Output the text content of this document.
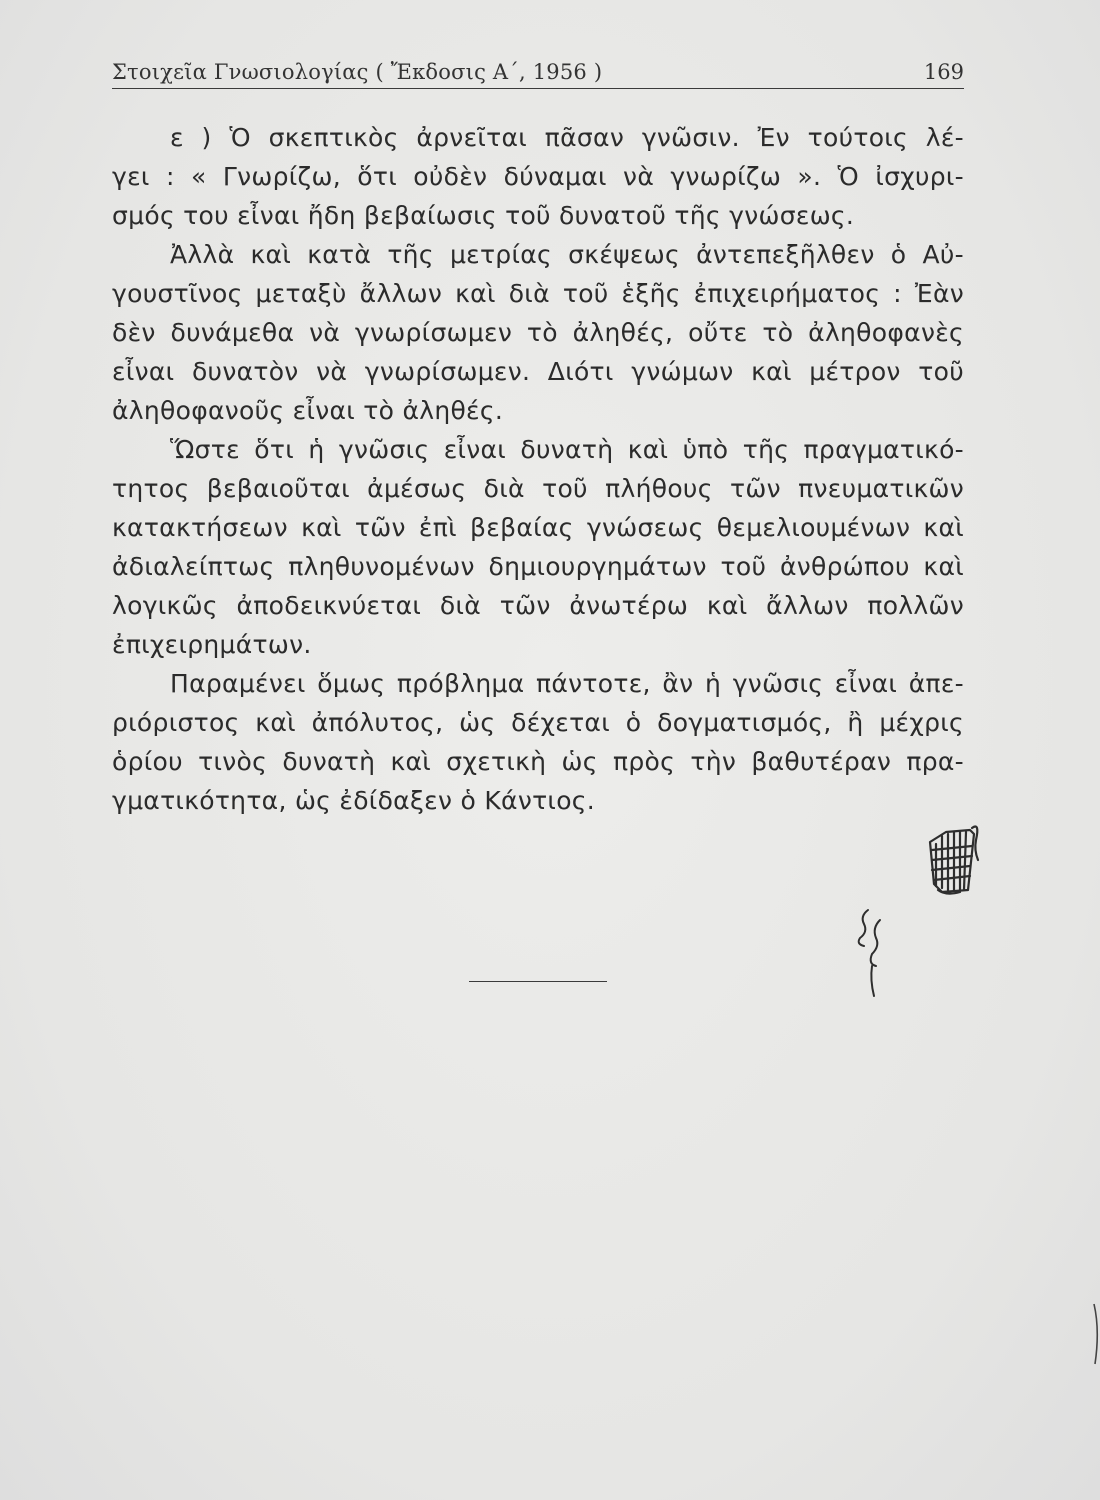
Στοιχεῖα Γνωσιολογίας ( Ἔκδοσις Α΄, 1956 )	169
ε ) Ὁ σκεπτικὸς ἀρνεῖται πᾶσαν γνῶσιν. Ἐν τούτοις λέ-
γει : « Γνωρίζω, ὅτι οὐδὲν δύναμαι νὰ γνωρίζω ». Ὁ ἰσχυρι-
σμός του εἶναι ἤδη βεβαίωσις τοῦ δυνατοῦ τῆς γνώσεως.
Ἀλλὰ καὶ κατὰ τῆς μετρίας σκέψεως ἀντεπεξῆλθεν ὁ Αὐ-
γουστῖνος μεταξὺ ἄλλων καὶ διὰ τοῦ ἑξῆς ἐπιχειρήματος : Ἐὰν
δὲν δυνάμεθα νὰ γνωρίσωμεν τὸ ἀληθές, οὔτε τὸ ἀληθοφανὲς
εἶναι δυνατὸν νὰ γνωρίσωμεν. Διότι γνώμων καὶ μέτρον τοῦ
ἀληθοφανοῦς εἶναι τὸ ἀληθές.
Ὥστε ὅτι ἡ γνῶσις εἶναι δυνατὴ καὶ ὑπὸ τῆς πραγματικό-
τητος βεβαιοῦται ἀμέσως διὰ τοῦ πλήθους τῶν πνευματικῶν
κατακτήσεων καὶ τῶν ἐπὶ βεβαίας γνώσεως θεμελιουμένων καὶ
ἀδιαλείπτως πληθυνομένων δημιουργημάτων τοῦ ἀνθρώπου καὶ
λογικῶς ἀποδεικνύεται διὰ τῶν ἀνωτέρω καὶ ἄλλων πολλῶν
ἐπιχειρημάτων.
Παραμένει ὅμως πρόβλημα πάντοτε, ἂν ἡ γνῶσις εἶναι ἀπε-
ριόριστος καὶ ἀπόλυτος, ὡς δέχεται ὁ δογματισμός, ἢ μέχρις
ὁρίου τινὸς δυνατὴ καὶ σχετικὴ ὡς πρὸς τὴν βαθυτέραν πρα-
γματικότητα, ὡς ἐδίδαξεν ὁ Κάντιος.
